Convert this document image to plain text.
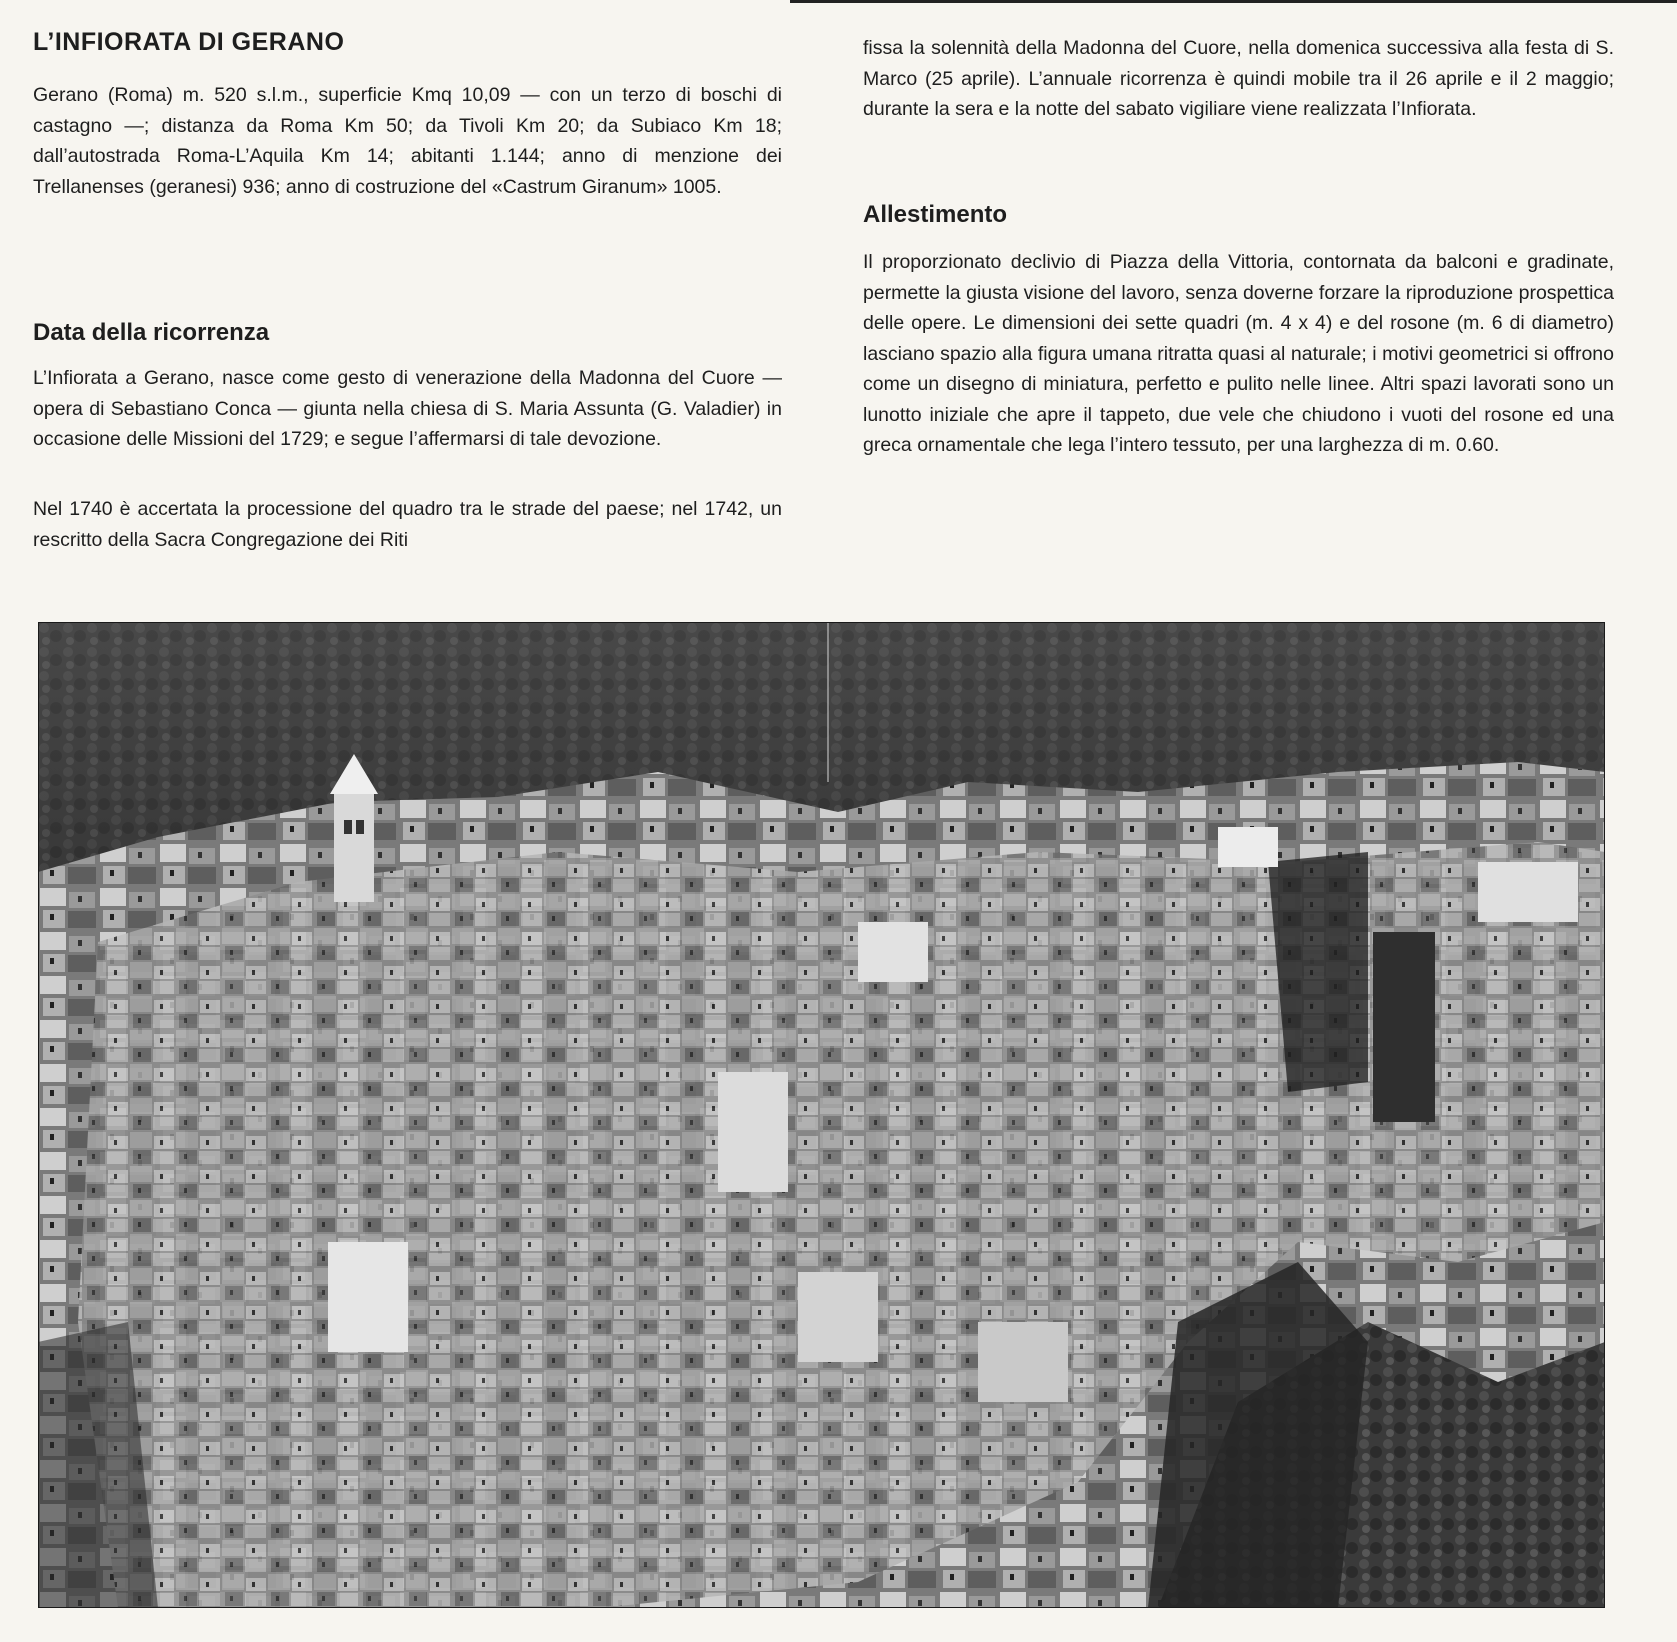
L’INFIORATA DI GERANO

Gerano (Roma) m. 520 s.l.m., superficie Kmq 10,09 — con un terzo di boschi di castagno —; distanza da Roma Km 50; da Tivoli Km 20; da Subiaco Km 18; dall’autostrada Roma-L’Aquila Km 14; abitanti 1.144; anno di menzione dei Trellanenses (geranesi) 936; anno di costruzione del «Castrum Giranum» 1005.

Data della ricorrenza

L’Infiorata a Gerano, nasce come gesto di venerazione della Madonna del Cuore — opera di Sebastiano Conca — giunta nella chiesa di S. Maria Assunta (G. Valadier) in occasione delle Missioni del 1729; e segue l’affermarsi di tale devozione.

Nel 1740 è accertata la processione del quadro tra le strade del paese; nel 1742, un rescritto della Sacra Congregazione dei Riti

fissa la solennità della Madonna del Cuore, nella domenica successiva alla festa di S. Marco (25 aprile). L’annuale ricorrenza è quindi mobile tra il 26 aprile e il 2 maggio; durante la sera e la notte del sabato vigiliare viene realizzata l’Infiorata.

Allestimento

Il proporzionato declivio di Piazza della Vittoria, contornata da balconi e gradinate, permette la giusta visione del lavoro, senza doverne forzare la riproduzione prospettica delle opere. Le dimensioni dei sette quadri (m. 4 x 4) e del rosone (m. 6 di diametro) lasciano spazio alla figura umana ritratta quasi al naturale; i motivi geometrici si offrono come un disegno di miniatura, perfetto e pulito nelle linee. Altri spazi lavorati sono un lunotto iniziale che apre il tappeto, due vele che chiudono i vuoti del rosone ed una greca ornamentale che lega l’intero tessuto, per una larghezza di m. 0.60.
